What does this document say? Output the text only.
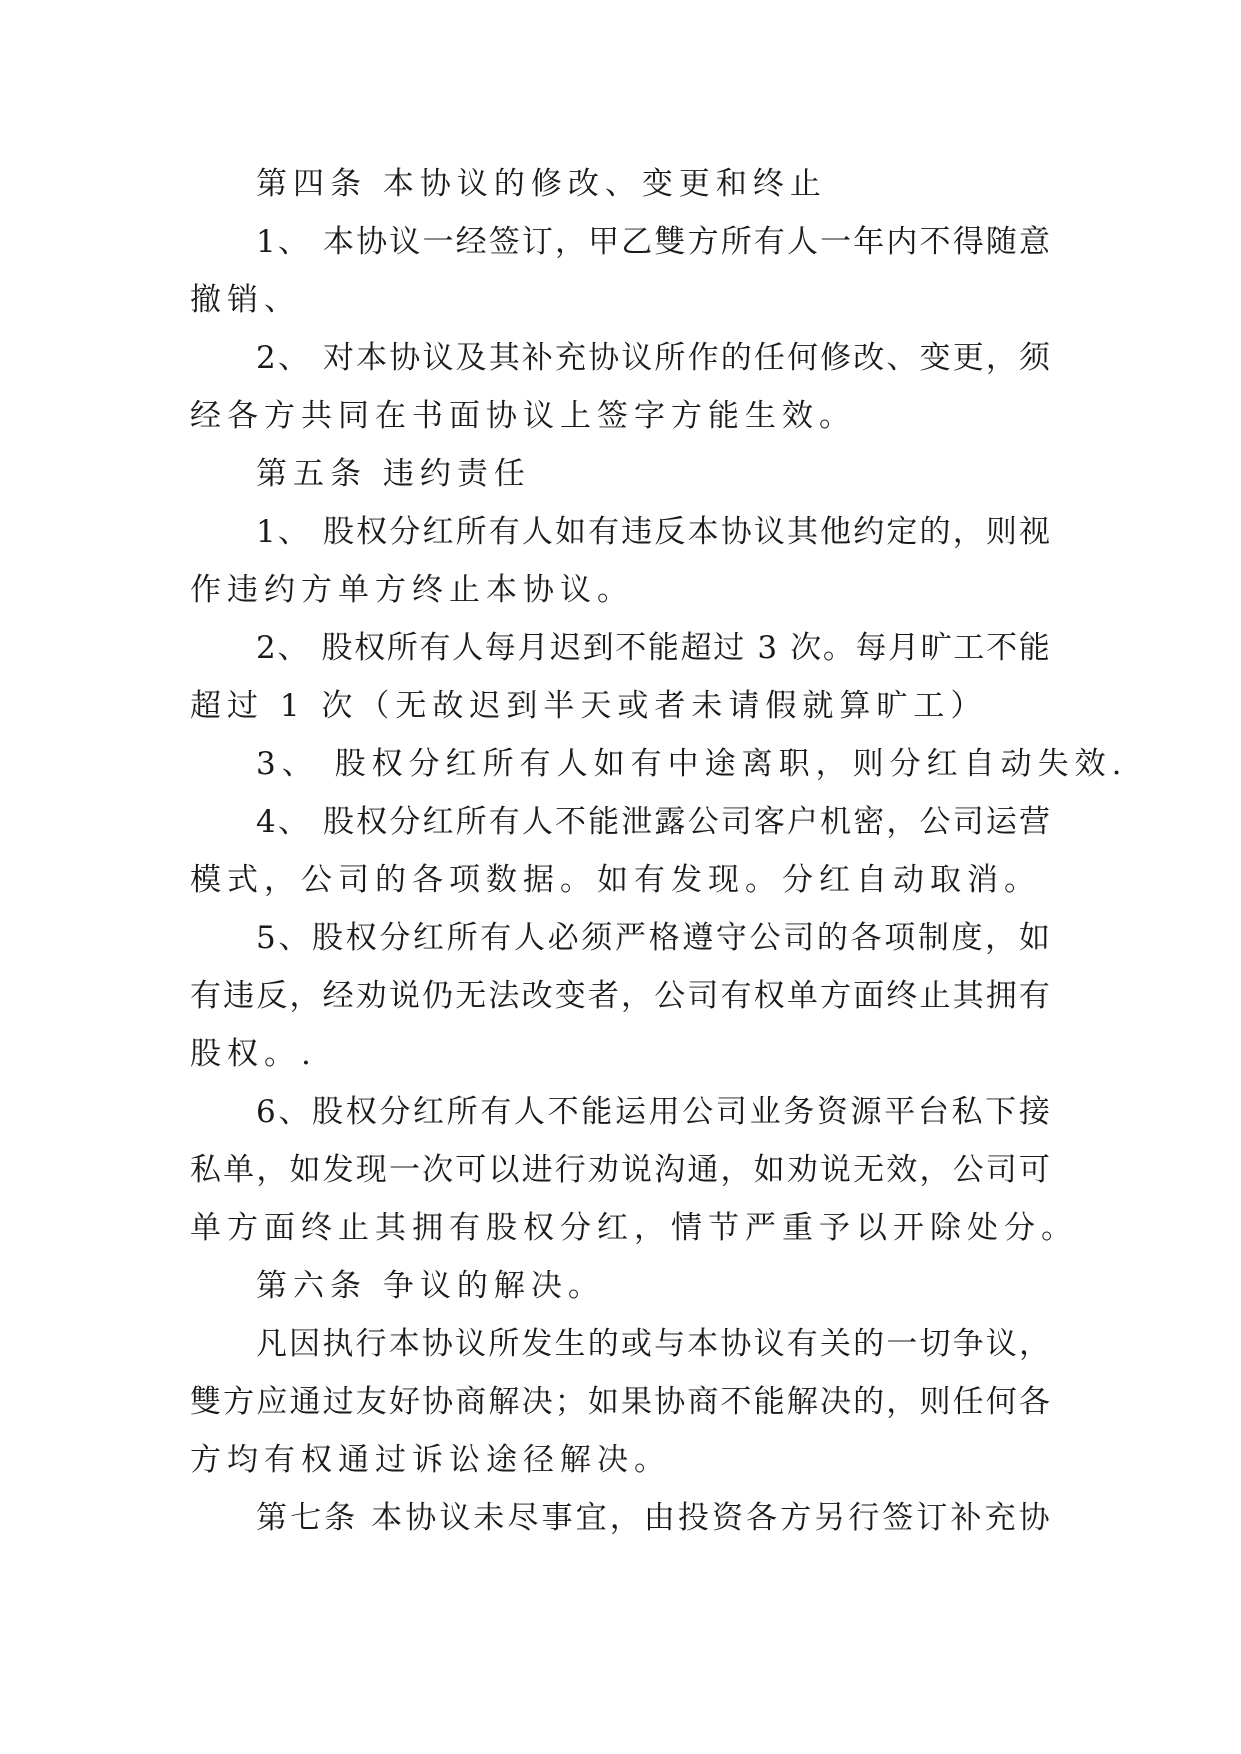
第四条 本协议的修改、变更和终止
1 、
本 协 议 一 经 签 订 ， 甲 乙 雙 方 所 有 人 一 年 内 不 得 随 意
撤销、
2 、
对 本 协 议 及 其 补 充 协 议 所 作 的 任 何 修 改 、 变 更 ， 须
经各方共同在书面协议上签字方能生效。
第五条 违约责任
1 、
股 权 分 红 所 有 人 如 有 违 反 本 协 议 其 他 约 定 的 ， 则 视
作违约方单方终止本协议。
2 、
股 权 所 有 人 每 月 迟 到 不 能 超 过
3
次 。 每 月 旷 工 不 能
超过 1 次（无故迟到半天或者未请假就算旷工）
3、 股权分红所有人如有中途离职，则分红自动失效.
4 、
股 权 分 红 所 有 人 不 能 泄 露 公 司 客 户 机 密 ， 公 司 运 营
模式，公司的各项数据。如有发现。分红自动取消。
5 、 股 权 分 红 所 有 人 必 须 严 格 遵 守 公 司 的 各 项 制 度 ， 如
有 违 反 ， 经 劝 说 仍 无 法 改 变 者 ， 公 司 有 权 单 方 面 终 止 其 拥 有
股权。.
6 、 股 权 分 红 所 有 人 不 能 运 用 公 司 业 务 资 源 平 台 私 下 接
私 单 ， 如 发 现 一 次 可 以 进 行 劝 说 沟 通 ， 如 劝 说 无 效 ， 公 司 可
单方面终止其拥有股权分红，情节严重予以开除处分。
第六条 争议的解决。
凡 因 执 行 本 协 议 所 发 生 的 或 与 本 协 议 有 关 的 一 切 争 议 ，
雙 方 应 通 过 友 好 协 商 解 决 ； 如 果 协 商 不 能 解 决 的 ， 则 任 何 各
方均有权通过诉讼途径解决。
第 七 条
本 协 议 未 尽 事 宜 ， 由 投 资 各 方 另 行 签 订 补 充 协
